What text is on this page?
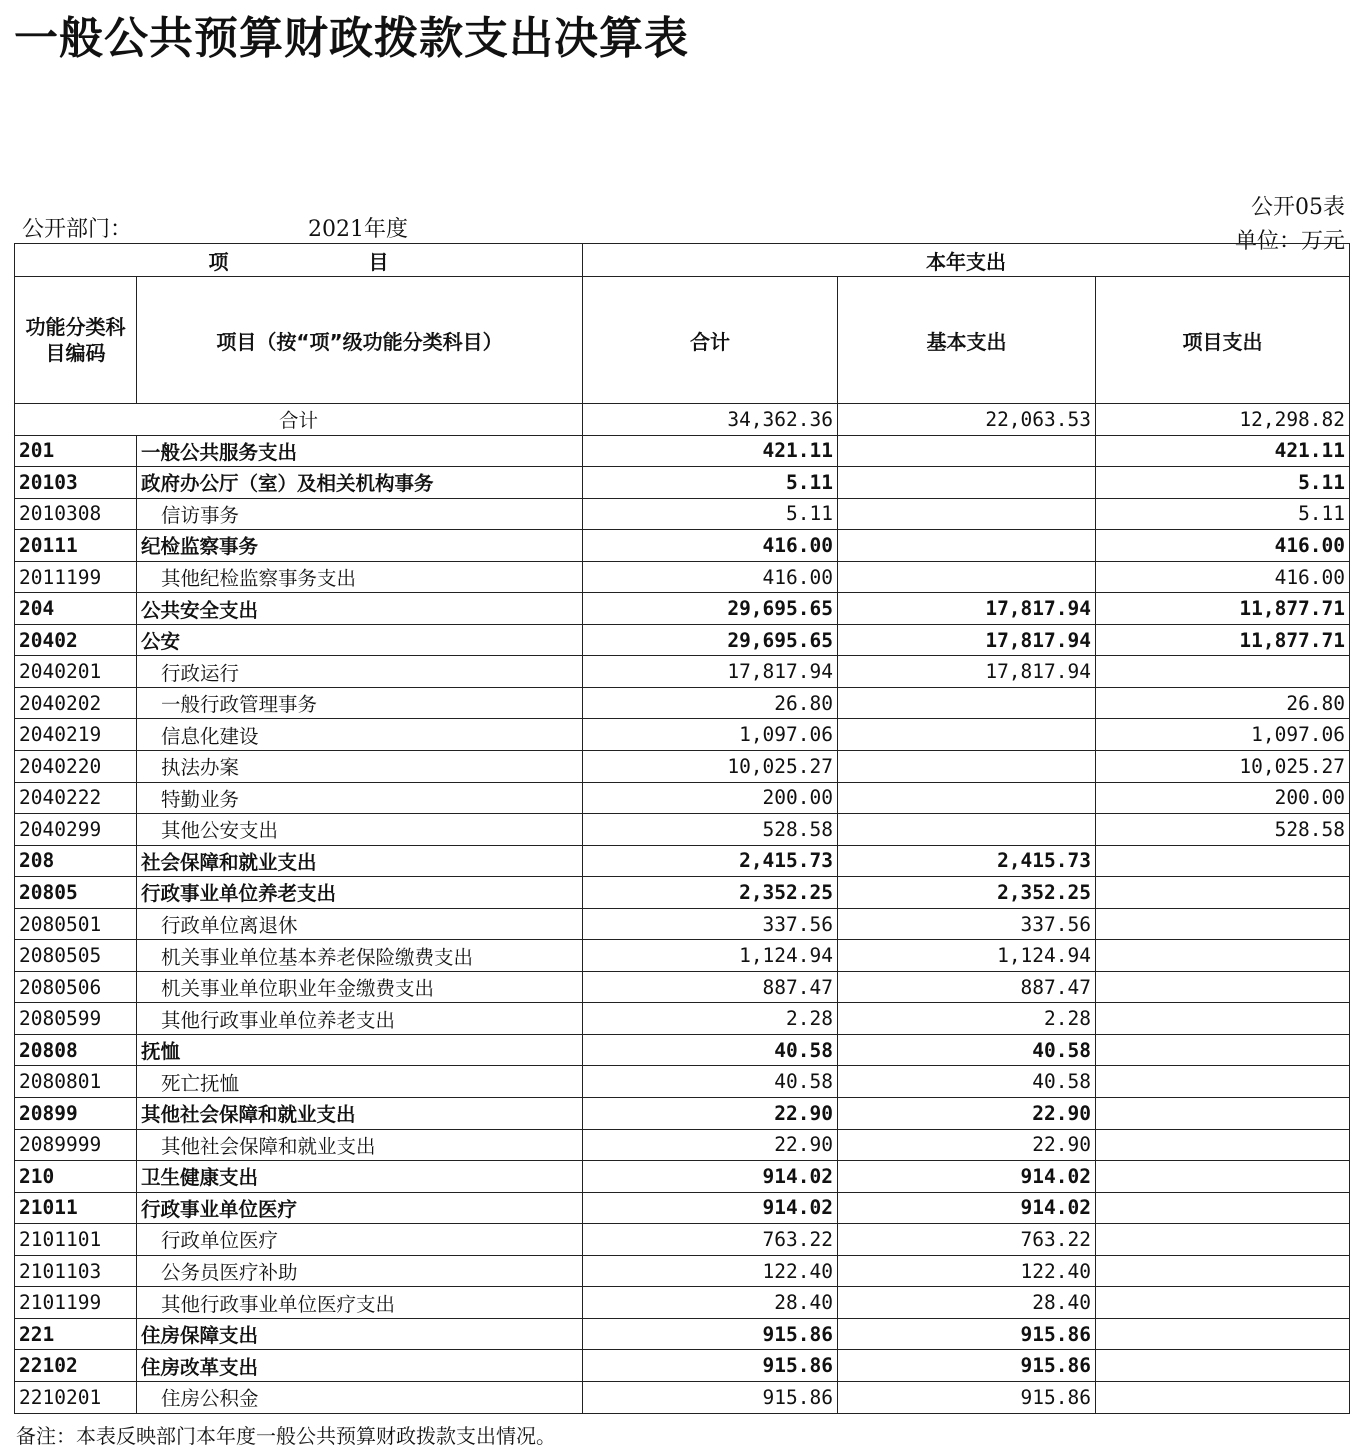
一般公共预算财政拨款支出决算表
公开部门：	2021年度
公开05表
单位：万元
项　　　　　　　目		本年支出		
功能分类科目编码	项目（按“项”级功能分类科目）	合计	基本支出	项目支出
合计		34,362.36	22,063.53	12,298.82
201	一般公共服务支出	421.11		421.11
20103	政府办公厅（室）及相关机构事务	5.11		5.11
2010308	信访事务	5.11		5.11
20111	纪检监察事务	416.00		416.00
2011199	其他纪检监察事务支出	416.00		416.00
204	公共安全支出	29,695.65	17,817.94	11,877.71
20402	公安	29,695.65	17,817.94	11,877.71
2040201	行政运行	17,817.94	17,817.94	
2040202	一般行政管理事务	26.80		26.80
2040219	信息化建设	1,097.06		1,097.06
2040220	执法办案	10,025.27		10,025.27
2040222	特勤业务	200.00		200.00
2040299	其他公安支出	528.58		528.58
208	社会保障和就业支出	2,415.73	2,415.73	
20805	行政事业单位养老支出	2,352.25	2,352.25	
2080501	行政单位离退休	337.56	337.56	
2080505	机关事业单位基本养老保险缴费支出	1,124.94	1,124.94	
2080506	机关事业单位职业年金缴费支出	887.47	887.47	
2080599	其他行政事业单位养老支出	2.28	2.28	
20808	抚恤	40.58	40.58	
2080801	死亡抚恤	40.58	40.58	
20899	其他社会保障和就业支出	22.90	22.90	
2089999	其他社会保障和就业支出	22.90	22.90	
210	卫生健康支出	914.02	914.02	
21011	行政事业单位医疗	914.02	914.02	
2101101	行政单位医疗	763.22	763.22	
2101103	公务员医疗补助	122.40	122.40	
2101199	其他行政事业单位医疗支出	28.40	28.40	
221	住房保障支出	915.86	915.86	
22102	住房改革支出	915.86	915.86	
2210201	住房公积金	915.86	915.86	
备注：本表反映部门本年度一般公共预算财政拨款支出情况。
